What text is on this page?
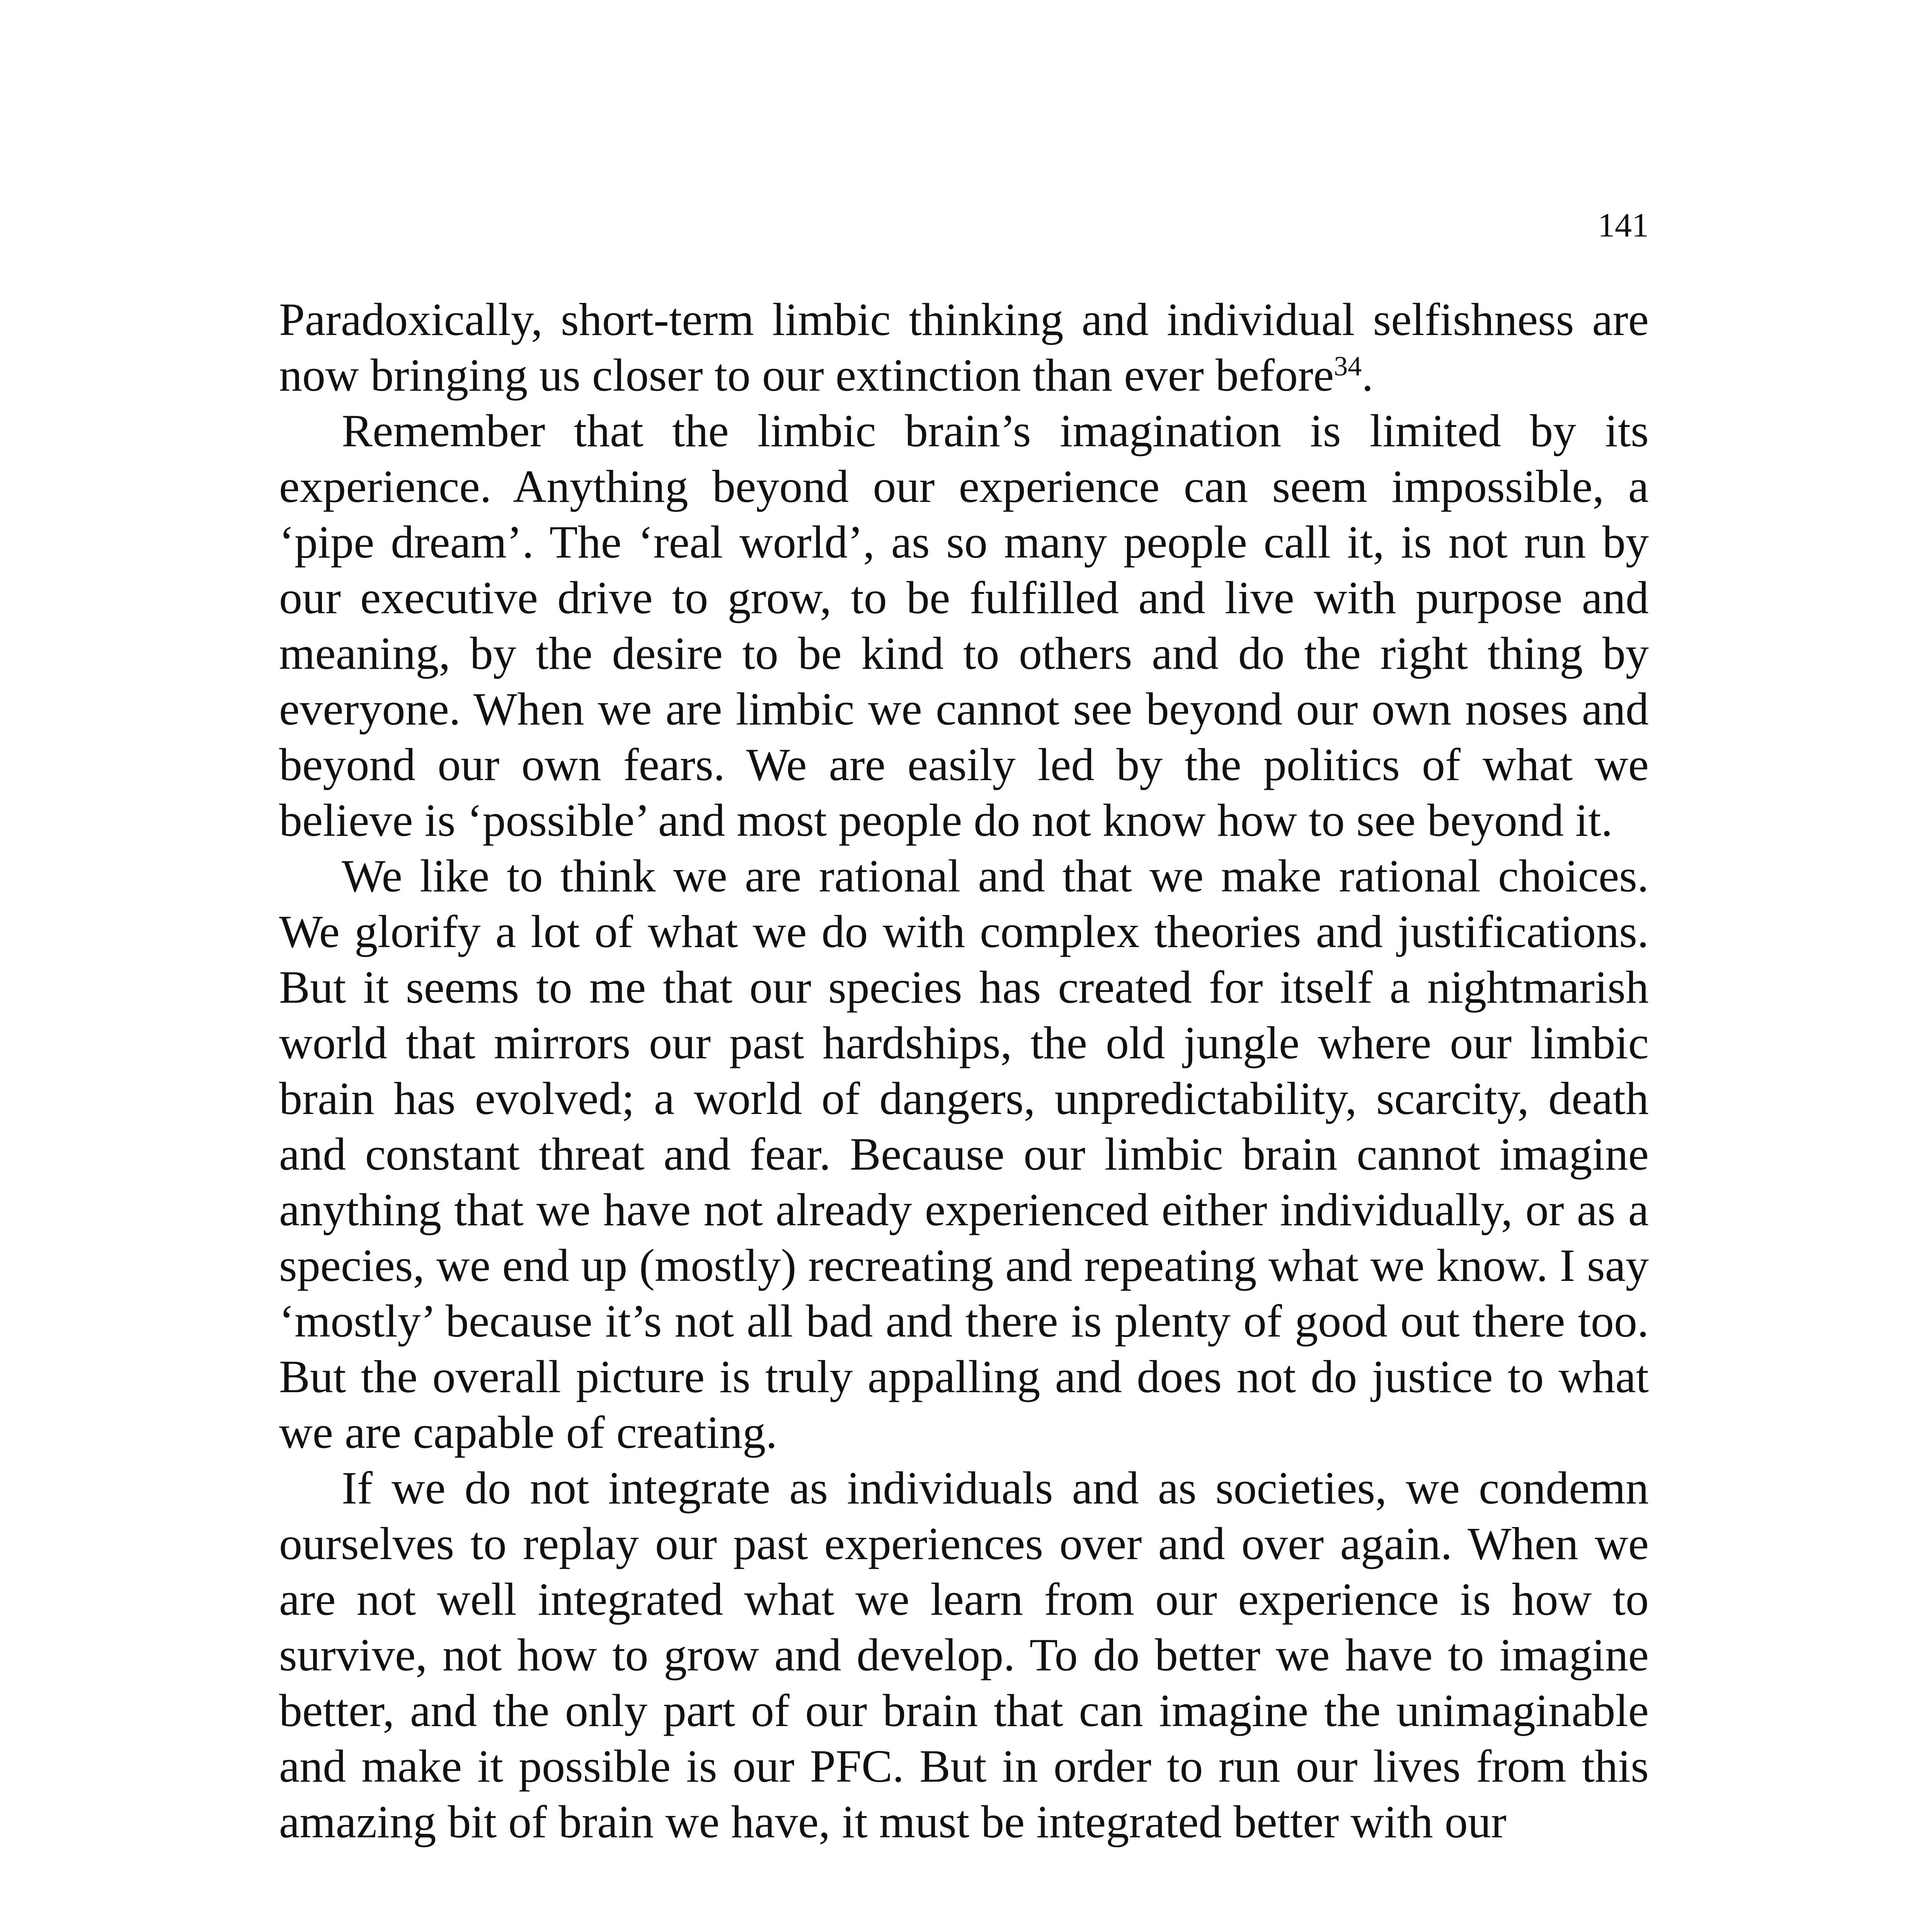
141

Paradoxically, short-term limbic thinking and individual selfishness are now bringing us closer to our extinction than ever before$^{34}$.

Remember that the limbic brain’s imagination is limited by its experience. Anything beyond our experience can seem impossible, a ‘pipe dream’. The ‘real world’, as so many people call it, is not run by our executive drive to grow, to be fulfilled and live with purpose and meaning, by the desire to be kind to others and do the right thing by everyone. When we are limbic we cannot see beyond our own noses and beyond our own fears. We are easily led by the politics of what we believe is ‘possible’ and most people do not know how to see beyond it.

We like to think we are rational and that we make rational choices. We glorify a lot of what we do with complex theories and justifications. But it seems to me that our species has created for itself a nightmarish world that mirrors our past hardships, the old jungle where our limbic brain has evolved; a world of dangers, unpredictability, scarcity, death and constant threat and fear. Because our limbic brain cannot imagine anything that we have not already experienced either individually, or as a species, we end up (mostly) recreating and repeating what we know. I say ‘mostly’ because it’s not all bad and there is plenty of good out there too. But the overall picture is truly appalling and does not do justice to what we are capable of creating.

If we do not integrate as individuals and as societies, we condemn ourselves to replay our past experiences over and over again. When we are not well integrated what we learn from our experience is how to survive, not how to grow and develop. To do better we have to imagine better, and the only part of our brain that can imagine the unimaginable and make it possible is our PFC. But in order to run our lives from this amazing bit of brain we have, it must be integrated better with our
